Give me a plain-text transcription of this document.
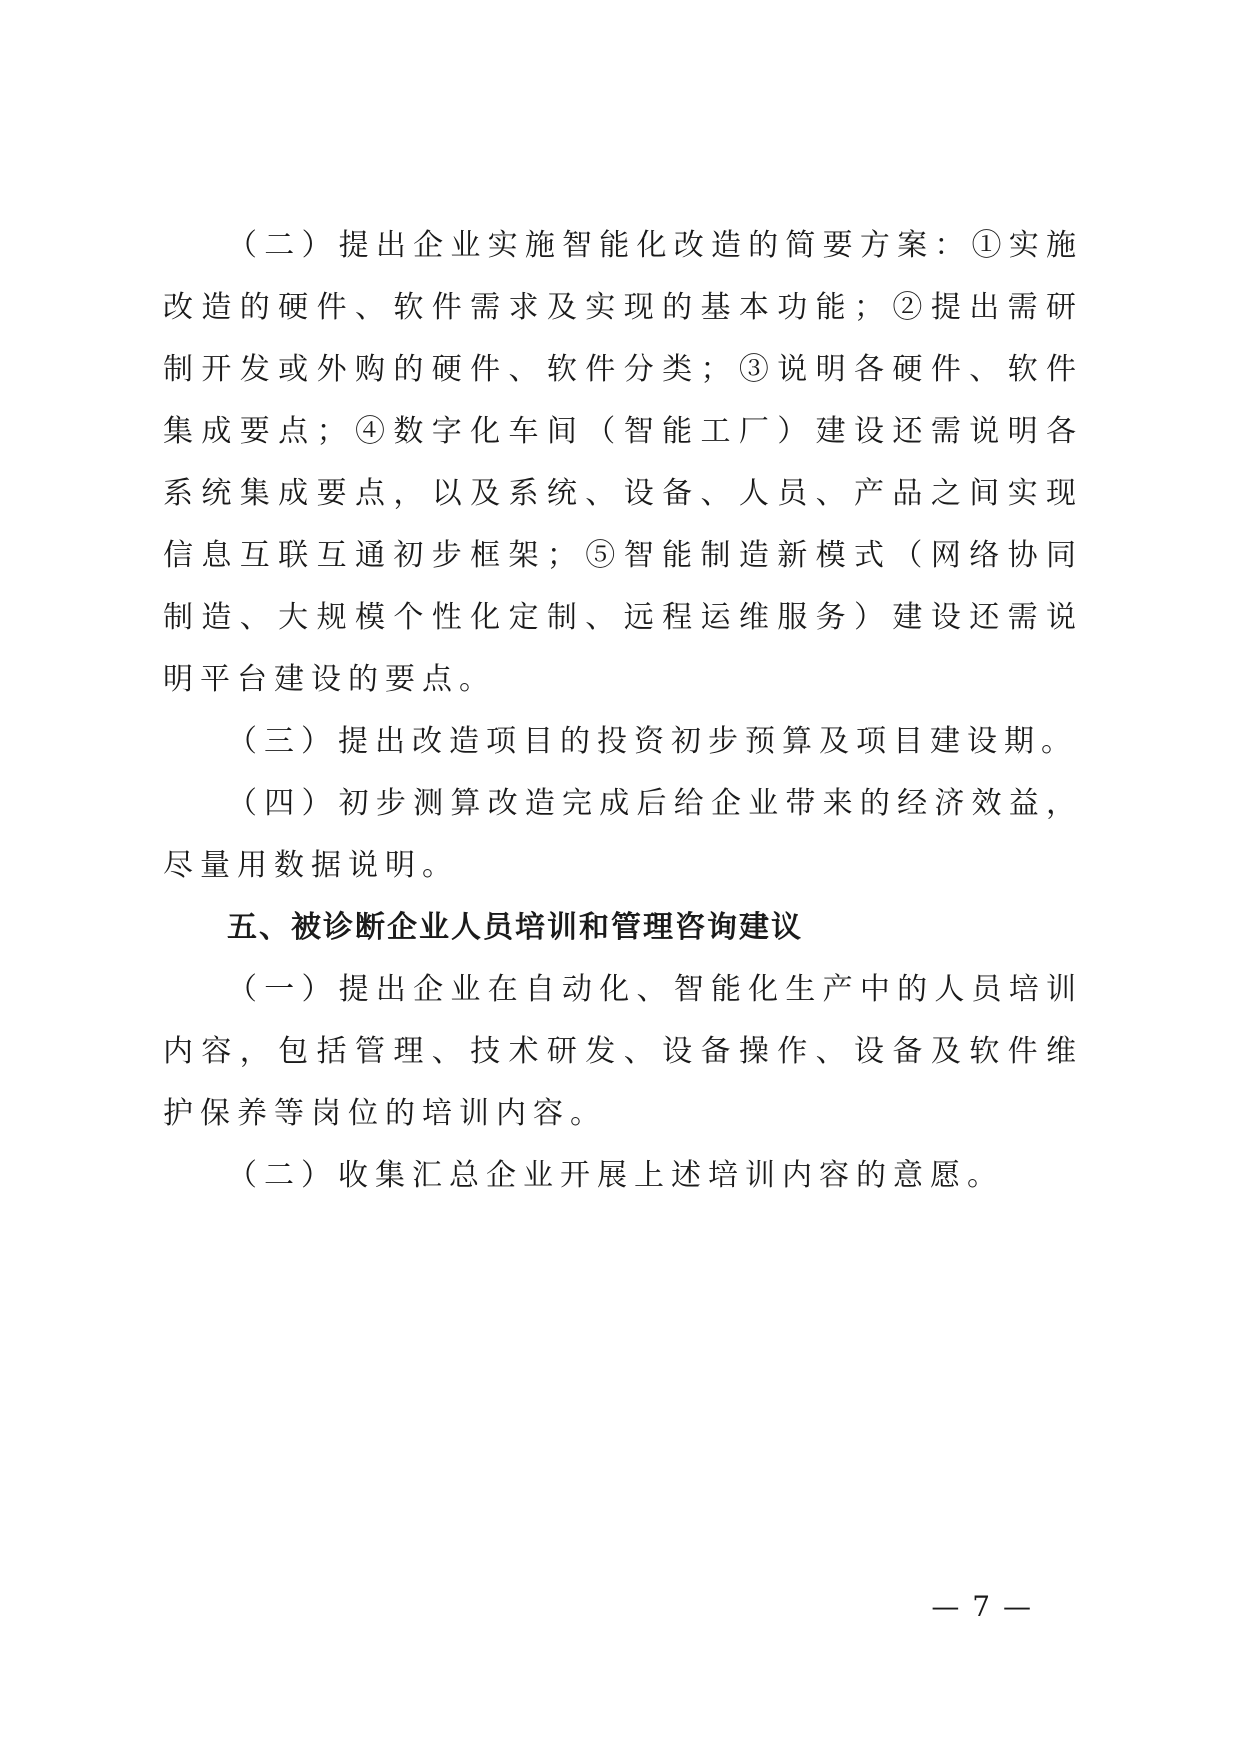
（二）提出企业实施智能化改造的简要方案：①实施改造的硬件、软件需求及实现的基本功能；②提出需研制开发或外购的硬件、软件分类；③说明各硬件、软件集成要点；④数字化车间（智能工厂）建设还需说明各系统集成要点，以及系统、设备、人员、产品之间实现信息互联互通初步框架；⑤智能制造新模式（网络协同制造、大规模个性化定制、远程运维服务）建设还需说明平台建设的要点。

（三）提出改造项目的投资初步预算及项目建设期。

（四）初步测算改造完成后给企业带来的经济效益，尽量用数据说明。

五、被诊断企业人员培训和管理咨询建议

（一）提出企业在自动化、智能化生产中的人员培训内容，包括管理、技术研发、设备操作、设备及软件维护保养等岗位的培训内容。

（二）收集汇总企业开展上述培训内容的意愿。

— 7 —
